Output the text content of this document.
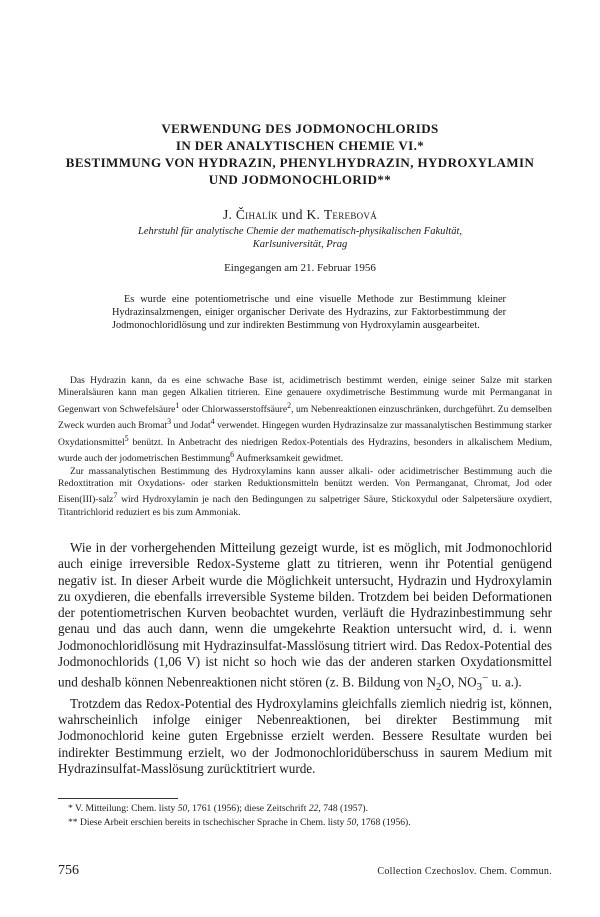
VERWENDUNG DES JODMONOCHLORIDS
IN DER ANALYTISCHEN CHEMIE VI.*
BESTIMMUNG VON HYDRAZIN, PHENYLHYDRAZIN, HYDROXYLAMIN
UND JODMONOCHLORID**
J. Čihalík und K. Terebová
Lehrstuhl für analytische Chemie der mathematisch-physikalischen Fakultät,
Karlsuniversität, Prag
Eingegangen am 21. Februar 1956

Es wurde eine potentiometrische und eine visuelle Methode zur Bestimmung kleiner Hydrazinsalzmengen, einiger organischer Derivate des Hydrazins, zur Faktorbestimmung der Jodmonochloridlösung und zur indirekten Bestimmung von Hydroxylamin ausgearbeitet.

Das Hydrazin kann, da es eine schwache Base ist, acidimetrisch bestimmt werden, einige seiner Salze mit starken Mineralsäuren kann man gegen Alkalien titrieren. Eine genauere oxydimetrische Bestimmung wurde mit Permanganat in Gegenwart von Schwefelsäure$^1$ oder Chlorwasserstoffsäure$^2$, um Nebenreaktionen einzuschränken, durchgeführt. Zu demselben Zweck wurden auch Bromat$^3$ und Jodat$^4$ verwendet. Hingegen wurden Hydrazinsalze zur massanalytischen Bestimmung starker Oxydationsmittel$^5$ benützt. In Anbetracht des niedrigen Redox-Potentials des Hydrazins, besonders in alkalischem Medium, wurde auch der jodometrischen Bestimmung$^6$ Aufmerksamkeit gewidmet.

Zur massanalytischen Bestimmung des Hydroxylamins kann ausser alkali- oder acidimetrischer Bestimmung auch die Redoxtitration mit Oxydations- oder starken Reduktionsmitteln benützt werden. Von Permanganat, Chromat, Jod oder Eisen(III)-salz$^7$ wird Hydroxylamin je nach den Bedingungen zu salpetriger Säure, Stickoxydul oder Salpetersäure oxydiert, Titantrichlorid reduziert es bis zum Ammoniak.

Wie in der vorhergehenden Mitteilung gezeigt wurde, ist es möglich, mit Jodmonochlorid auch einige irreversible Redox-Systeme glatt zu titrieren, wenn ihr Potential genügend negativ ist. In dieser Arbeit wurde die Möglichkeit untersucht, Hydrazin und Hydroxylamin zu oxydieren, die ebenfalls irreversible Systeme bilden. Trotzdem bei beiden Deformationen der potentiometrischen Kurven beobachtet wurden, verläuft die Hydrazinbestimmung sehr genau und das auch dann, wenn die umgekehrte Reaktion untersucht wird, d. i. wenn Jodmonochloridlösung mit Hydrazinsulfat-Masslösung titriert wird. Das Redox-Potential des Jodmonochlorids (1,06 V) ist nicht so hoch wie das der anderen starken Oxydationsmittel und deshalb können Nebenreaktionen nicht stören (z. B. Bildung von $N_2O$, $NO_3^-$ u. a.).

Trotzdem das Redox-Potential des Hydroxylamins gleichfalls ziemlich niedrig ist, können, wahrscheinlich infolge einiger Nebenreaktionen, bei direkter Bestimmung mit Jodmonochlorid keine guten Ergebnisse erzielt werden. Bessere Resultate wurden bei indirekter Bestimmung erzielt, wo der Jodmonochloridüberschuss in saurem Medium mit Hydrazinsulfat-Masslösung zurücktitriert wurde.

* V. Mitteilung: Chem. listy 50, 1761 (1956); diese Zeitschrift 22, 748 (1957).
** Diese Arbeit erschien bereits in tschechischer Sprache in Chem. listy 50, 1768 (1956).
756	Collection Czechoslov. Chem. Commun.
